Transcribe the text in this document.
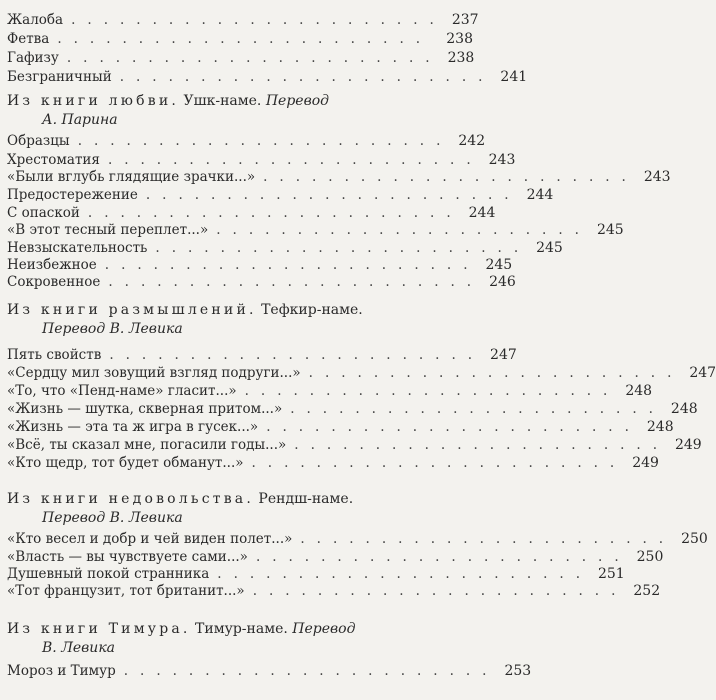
Жалоба ....................... 237
Фетва .......................	238
Гафизу ....................... 238
Безграничный ....................... 241
Из книги любви. Ушк-наме. Перевод
А. Парина
Образцы ....................... 242
Хрестоматия ....................... 243
«Были вглубь глядящие зрачки...» ....................... 243
Предостережение ....................... 244
С опаской ....................... 244
«В этот тесный переплет...» ....................... 245
Невзыскательность ....................... 245
Неизбежное ....................... 245
Сокровенное ....................... 246
Из книги размышлений. Тефкир-наме.
Перевод В. Левика
Пять свойств ....................... 247
«Сердцу мил зовущий взгляд подруги...» ....................... 247
«То, что «Пенд-наме» гласит...» ....................... 248
«Жизнь — шутка, скверная притом...» ....................... 248
«Жизнь — эта та ж игра в гусек...» ....................... 248
«Всё, ты сказал мне, погасили годы...» ....................... 249
«Кто щедр, тот будет обманут...» ....................... 249
Из книги недовольства. Рендш-наме.
Перевод В. Левика
«Кто весел и добр и чей виден полет...» ....................... 250
«Власть — вы чувствуете сами...» ....................... 250
Душевный покой странника ....................... 251
«Тот французит, тот британит...» ....................... 252
Из книги Тимура. Тимур-наме. Перевод
В. Левика
Мороз и Тимур ....................... 253
